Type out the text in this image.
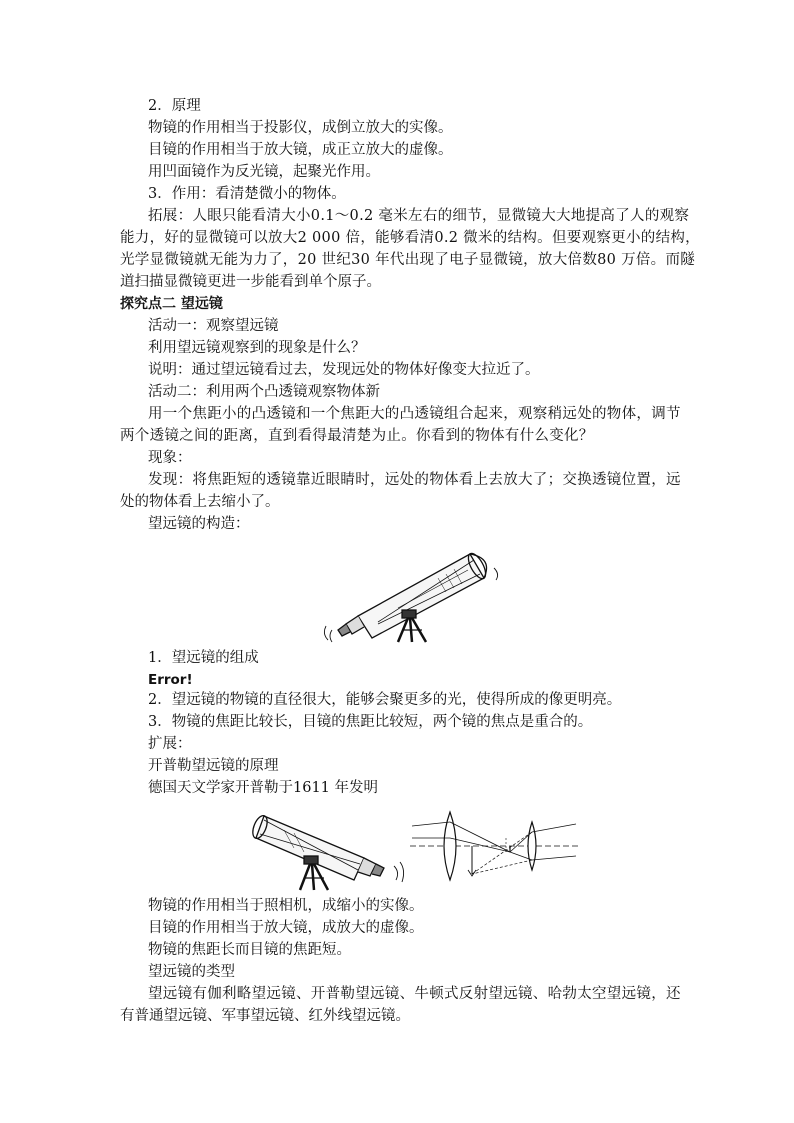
2．原理
物镜的作用相当于投影仪，成倒立放大的实像。
目镜的作用相当于放大镜，成正立放大的虚像。
用凹面镜作为反光镜，起聚光作用。
3．作用：看清楚微小的物体。
拓展：人眼只能看清大小0.1～0.2 毫米左右的细节，显微镜大大地提高了人的观察
能力，好的显微镜可以放大2 000 倍，能够看清0.2 微米的结构。但要观察更小的结构，
光学显微镜就无能为力了，20 世纪30 年代出现了电子显微镜，放大倍数80 万倍。而隧
道扫描显微镜更进一步能看到单个原子。
探究点二 望远镜
活动一：观察望远镜
利用望远镜观察到的现象是什么？
说明：通过望远镜看过去，发现远处的物体好像变大拉近了。
活动二：利用两个凸透镜观察物体新
用一个焦距小的凸透镜和一个焦距大的凸透镜组合起来，观察稍远处的物体，调节
两个透镜之间的距离，直到看得最清楚为止。你看到的物体有什么变化？
现象：
发现：将焦距短的透镜靠近眼睛时，远处的物体看上去放大了；交换透镜位置，远
处的物体看上去缩小了。
望远镜的构造：
1．望远镜的组成
Error!
2．望远镜的物镜的直径很大，能够会聚更多的光，使得所成的像更明亮。
3．物镜的焦距比较长，目镜的焦距比较短，两个镜的焦点是重合的。
扩展：
开普勒望远镜的原理
德国天文学家开普勒于1611 年发明
物镜的作用相当于照相机，成缩小的实像。
目镜的作用相当于放大镜，成放大的虚像。
物镜的焦距长而目镜的焦距短。
望远镜的类型
望远镜有伽利略望远镜、开普勒望远镜、牛顿式反射望远镜、哈勃太空望远镜，还
有普通望远镜、军事望远镜、红外线望远镜。
